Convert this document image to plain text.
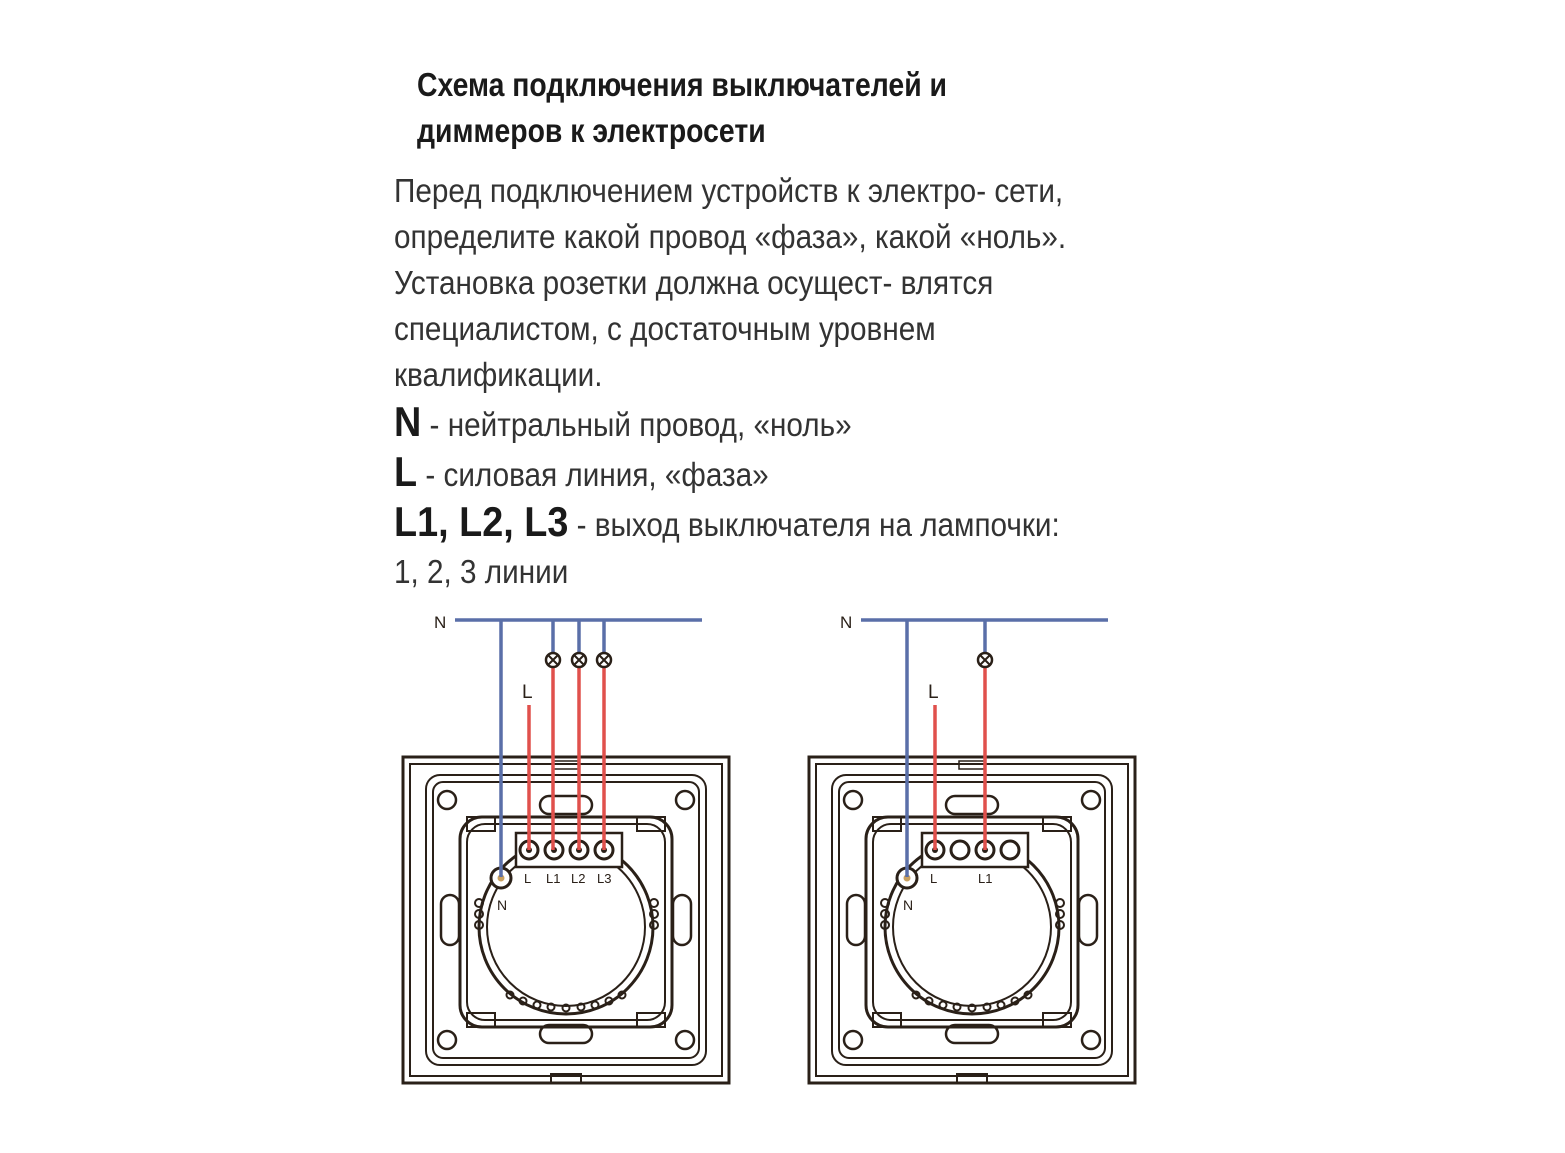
Схема подключения выключателей и
диммеров к электросети
Перед подключением устройств к электро- сети,
определите какой провод «фаза», какой «ноль».
Установка розетки должна осущест- влятся
специалистом, с достаточным уровнем
квалификации.
N - нейтральный провод, «ноль»
L - силовая линия, «фаза»
L1, L2, L3 - выход выключателя на лампочки:
1, 2, 3 линии
N
L
L L1 L2 L3
N
N
L
L	L1
N
